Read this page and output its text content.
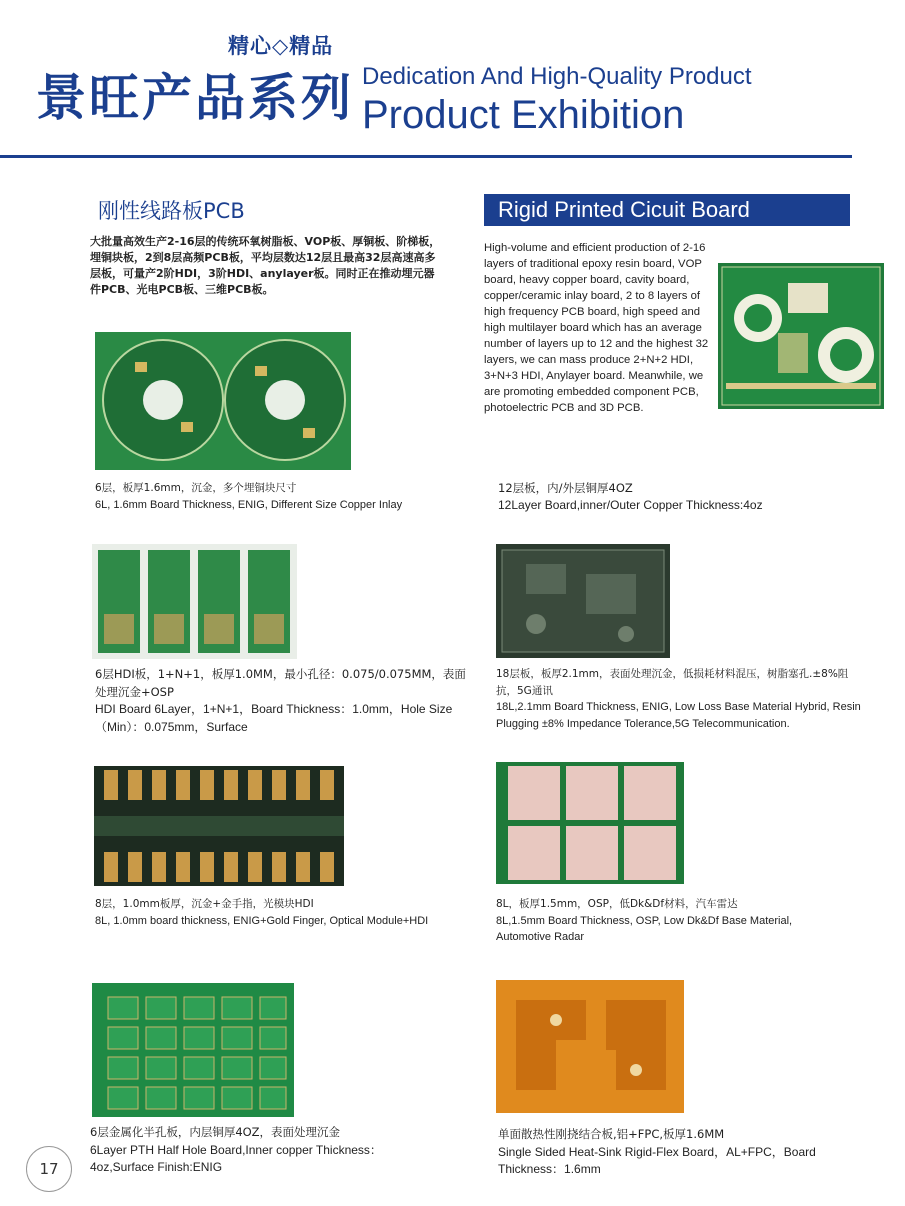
精心◇精品
景旺产品系列 Dedication And High-Quality Product
Product Exhibition
刚性线路板PCB	Rigid Printed Cicuit Board
大批量高效生产2-16层的传统环氧树脂板、VOP板、厚铜板、阶梯板，埋铜块板，2到8层高频PCB板，平均层数达12层且最高32层高速高多层板，可量产2阶HDI，3阶HDI、anylayer板。同时正在推动埋元器件PCB、光电PCB板、三维PCB板。
High-volume and efficient production of 2-16 layers of traditional epoxy resin board, VOP board, heavy copper board, cavity board, copper/ceramic inlay board, 2 to 8 layers of high frequency PCB board, high speed and high multilayer board which has an average number of layers up to 12 and the highest 32 layers, we can mass produce 2+N+2 HDI, 3+N+3 HDI, Anylayer board. Meanwhile, we are promoting embedded component PCB, photoelectric PCB and 3D PCB.
6层，板厚1.6mm，沉金，多个埋铜块尺寸
6L, 1.6mm Board Thickness, ENIG, Different Size Copper Inlay
12层板，内/外层铜厚4OZ
12Layer Board,inner/Outer Copper Thickness:4oz
6层HDI板，1+N+1，板厚1.0MM，最小孔径：0.075/0.075MM，表面处理沉金+OSP
HDI Board 6Layer，1+N+1，Board Thickness：1.0mm，Hole Size（Min）：0.075mm，Surface
18层板，板厚2.1mm，表面处理沉金，低损耗材料混压，树脂塞孔.±8%阻抗，5G通讯
18L,2.1mm Board Thickness, ENIG, Low Loss Base Material Hybrid, Resin Plugging ±8% Impedance Tolerance,5G Telecommunication.
8层，1.0mm板厚，沉金+金手指，光模块HDI
8L, 1.0mm board thickness, ENIG+Gold Finger, Optical Module+HDI
8L，板厚1.5mm，OSP，低Dk&Df材料，汽车雷达
8L,1.5mm Board Thickness, OSP, Low Dk&Df Base Material, Automotive Radar
6层金属化半孔板，内层铜厚4OZ，表面处理沉金
6Layer PTH Half Hole Board,Inner copper Thickness：4oz,Surface Finish:ENIG
单面散热性刚挠结合板,铝+FPC,板厚1.6MM
Single Sided Heat-Sink Rigid-Flex Board，AL+FPC，Board Thickness：1.6mm
17
